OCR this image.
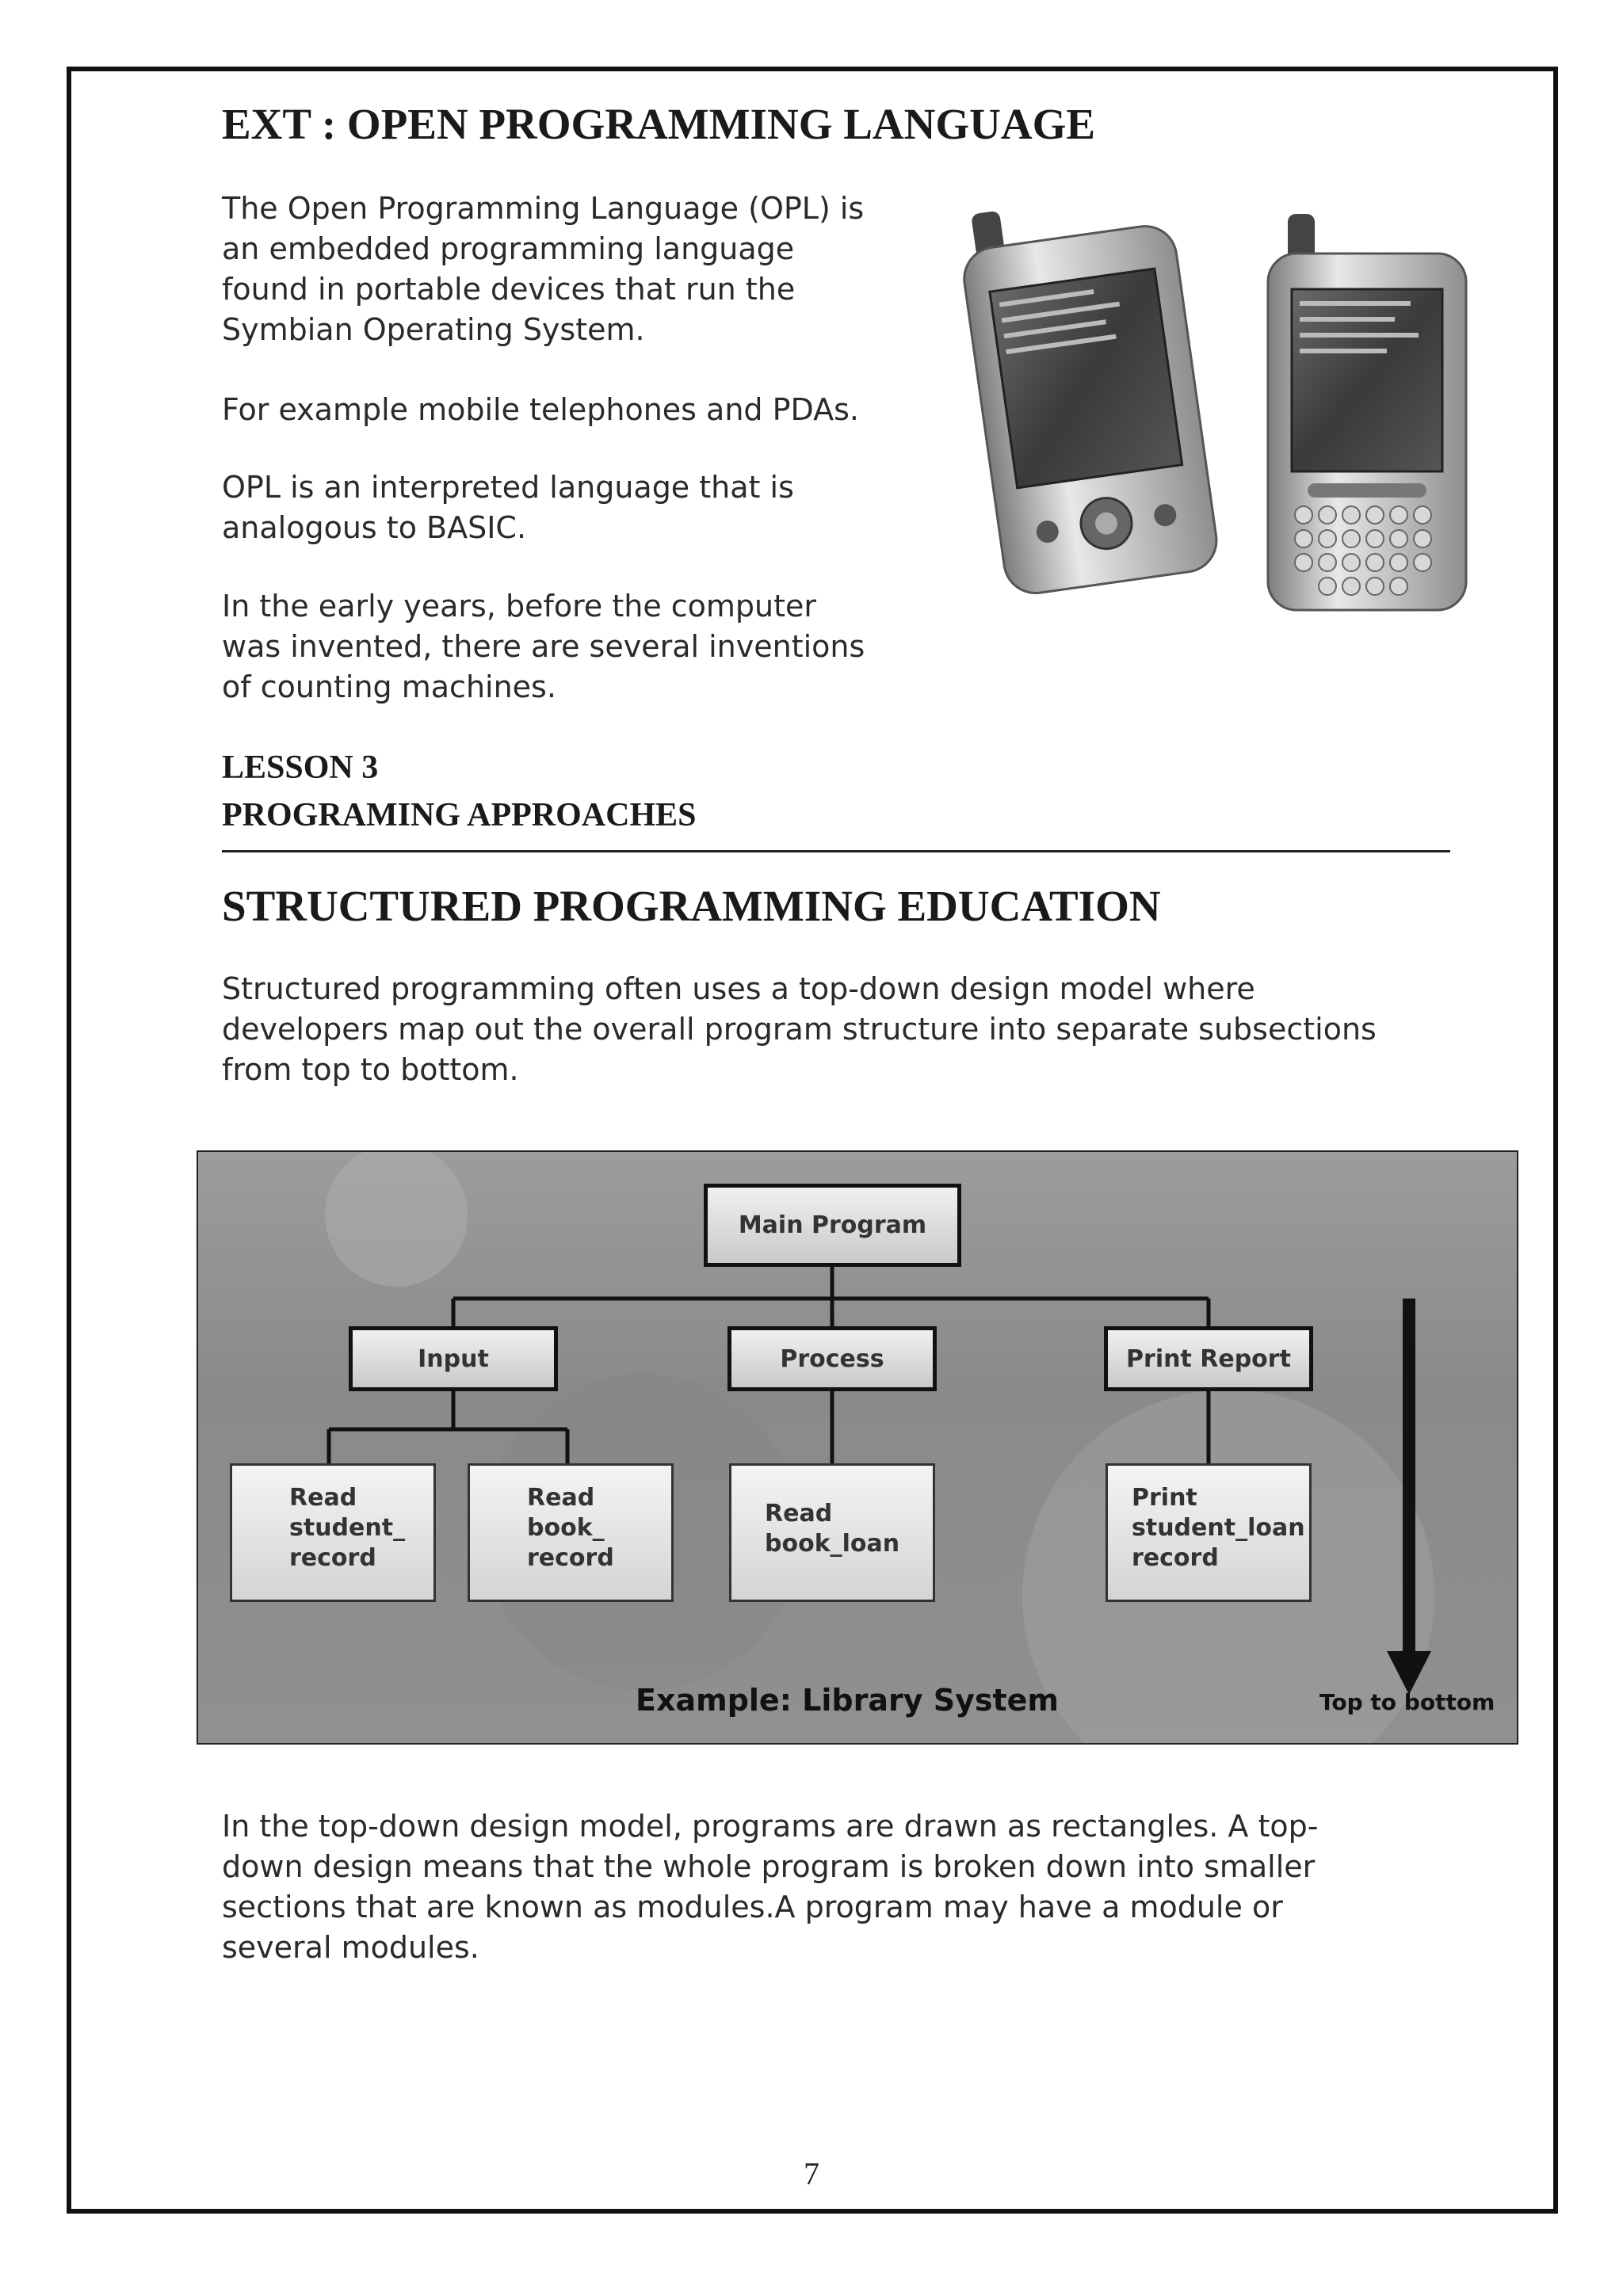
EXT : OPEN PROGRAMMING LANGUAGE

The Open Programming Language (OPL) is
an embedded programming language
found in portable devices that run the
Symbian Operating System.

For example mobile telephones and PDAs.

OPL is an interpreted language that is
analogous to BASIC.

In the early years, before the computer
was invented, there are several inventions
of counting machines.

LESSON 3
PROGRAMING APPROACHES
STRUCTURED PROGRAMMING EDUCATION

Structured programming often uses a top-down design model where
developers map out the overall program structure into separate subsections
from top to bottom.

Main Program
Input	Process	Print Report
Read
student_
record
Read
book_
record
Read
book_loan
Print
student_loan
record
Example: Library System	Top to bottom

In the top-down design model, programs are drawn as rectangles. A top-
down design means that the whole program is broken down into smaller
sections that are known as modules.A program may have a module or
several modules.

7
